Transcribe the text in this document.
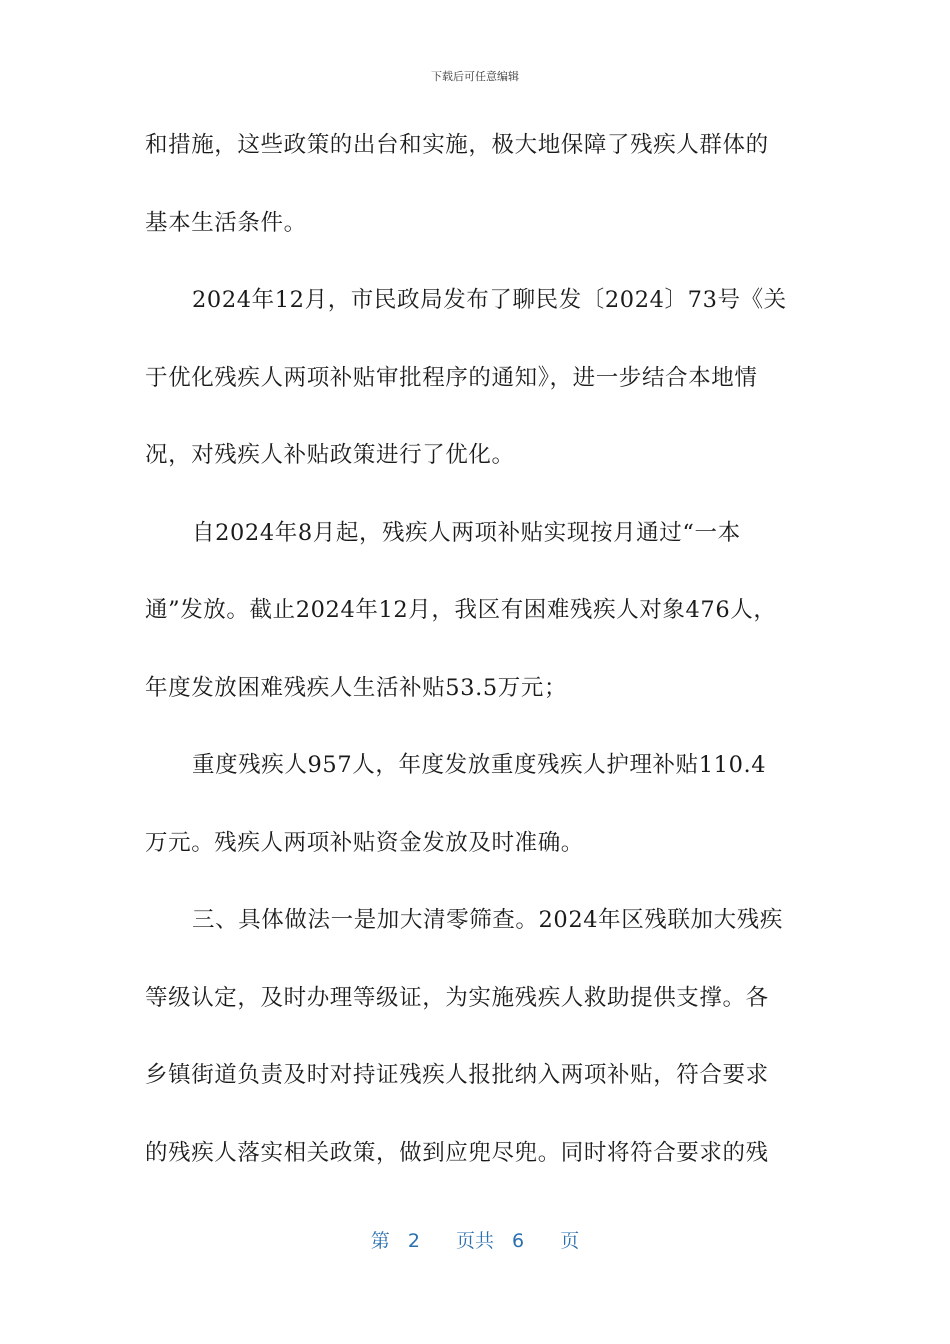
下载后可任意编辑
和措施，这些政策的出台和实施，极大地保障了残疾人群体的
基本生活条件。
2024年12月，市民政局发布了聊民发〔2024〕73号《关
于优化残疾人两项补贴审批程序的通知》，进一步结合本地情
况，对残疾人补贴政策进行了优化。
自2024年8月起，残疾人两项补贴实现按月通过“一本
通”发放。截止2024年12月，我区有困难残疾人对象476人，
年度发放困难残疾人生活补贴53.5万元；
重度残疾人957人，年度发放重度残疾人护理补贴110.4
万元。残疾人两项补贴资金发放及时准确。
三、具体做法一是加大清零筛查。2024年区残联加大残疾
等级认定，及时办理等级证，为实施残疾人救助提供支撑。各
乡镇街道负责及时对持证残疾人报批纳入两项补贴，符合要求
的残疾人落实相关政策，做到应兜尽兜。同时将符合要求的残
第 2  页共 6  页
